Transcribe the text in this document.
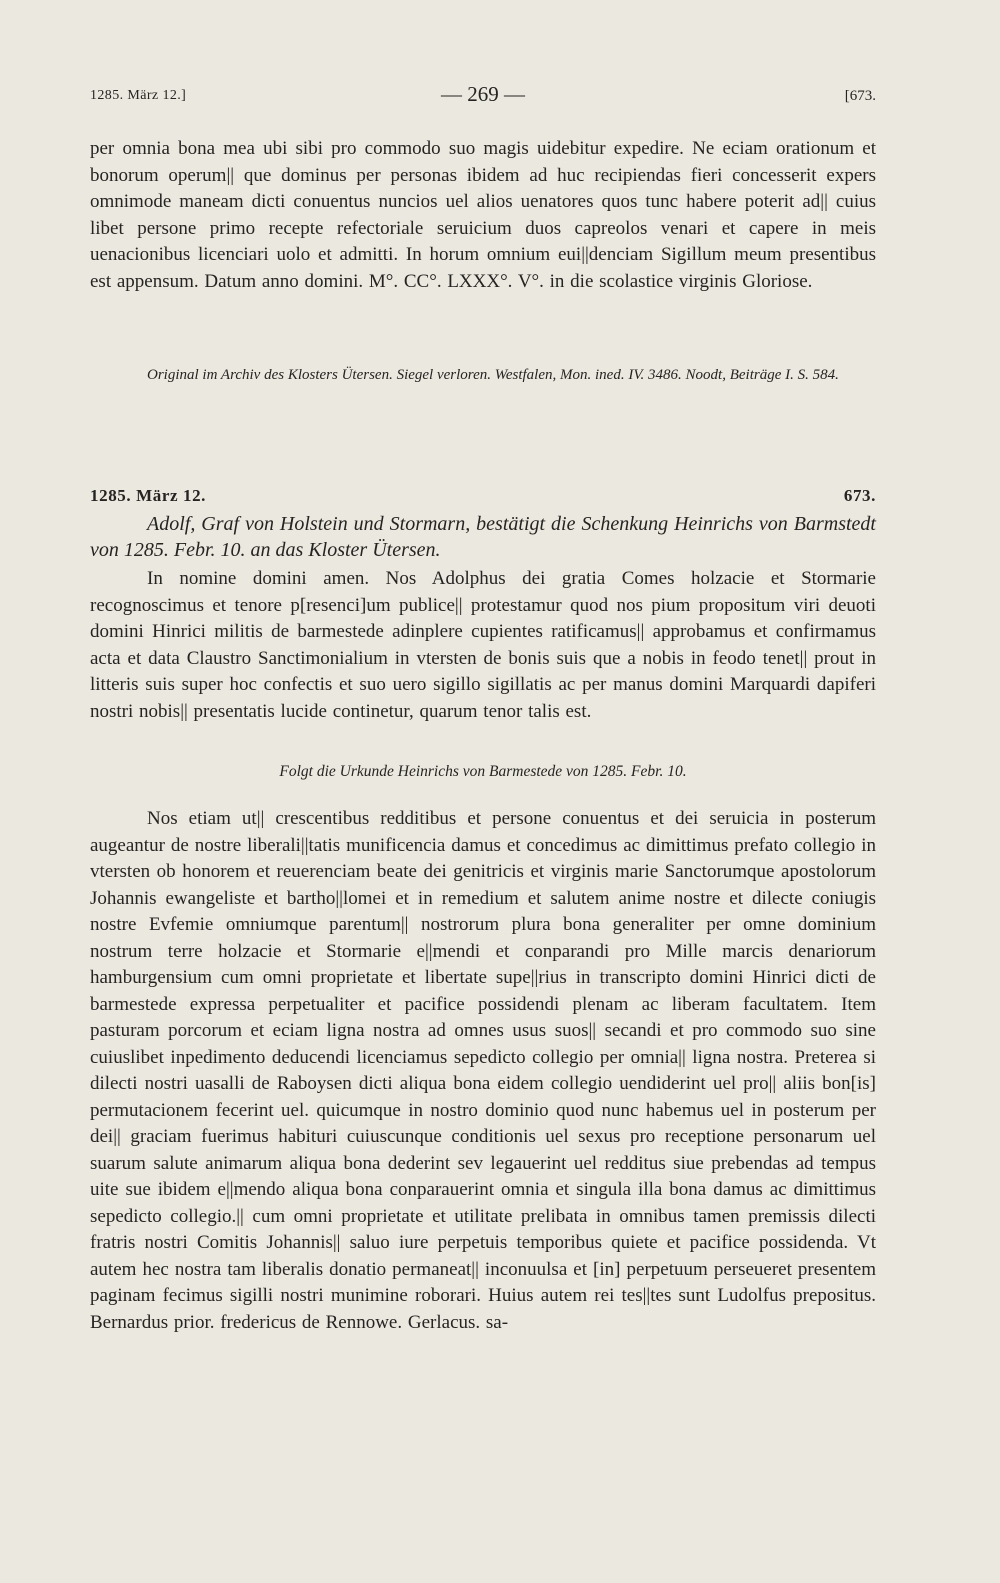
1285. März 12.]	— 269 —	[673.

per omnia bona mea ubi sibi pro commodo suo magis uidebitur expedire. Ne eciam orationum et bonorum operum|| que dominus per personas ibidem ad huc recipiendas fieri concesserit expers omnimode maneam dicti conuentus nuncios uel alios uenatores quos tunc habere poterit ad|| cuius libet persone primo recepte refectoriale seruicium duos capreolos venari et capere in meis uenacionibus licenciari uolo et admitti. In horum omnium eui||denciam Sigillum meum presentibus est appensum. Datum anno domini. M°. CC°. LXXX°. V°. in die scolastice virginis Gloriose.

Original im Archiv des Klosters Ütersen. Siegel verloren. Westfalen, Mon. ined. IV. 3486. Noodt, Beiträge I. S. 584.
1285. März 12.	673.
Adolf, Graf von Holstein und Stormarn, bestätigt die Schenkung Heinrichs von Barmstedt von 1285. Febr. 10. an das Kloster Ütersen.

In nomine domini amen. Nos Adolphus dei gratia Comes holzacie et Stormarie recognoscimus et tenore p[resenci]um publice|| protestamur quod nos pium propositum viri deuoti domini Hinrici militis de barmestede adinplere cupientes ratificamus|| approbamus et confirmamus acta et data Claustro Sanctimonialium in vtersten de bonis suis que a nobis in feodo tenet|| prout in litteris suis super hoc confectis et suo uero sigillo sigillatis ac per manus domini Marquardi dapiferi nostri nobis|| presentatis lucide continetur, quarum tenor talis est.

Folgt die Urkunde Heinrichs von Barmestede von 1285. Febr. 10.

Nos etiam ut|| crescentibus redditibus et persone conuentus et dei seruicia in posterum augeantur de nostre liberali||tatis munificencia damus et concedimus ac dimittimus prefato collegio in vtersten ob honorem et reuerenciam beate dei genitricis et virginis marie Sanctorumque apostolorum Johannis ewangeliste et bartho||lomei et in remedium et salutem anime nostre et dilecte coniugis nostre Evfemie omniumque parentum|| nostrorum plura bona generaliter per omne dominium nostrum terre holzacie et Stormarie e||mendi et conparandi pro Mille marcis denariorum hamburgensium cum omni proprietate et libertate supe||rius in transcripto domini Hinrici dicti de barmestede expressa perpetualiter et pacifice possidendi plenam ac liberam facultatem. Item pasturam porcorum et eciam ligna nostra ad omnes usus suos|| secandi et pro commodo suo sine cuiuslibet inpedimento deducendi licenciamus sepedicto collegio per omnia|| ligna nostra. Preterea si dilecti nostri uasalli de Raboysen dicti aliqua bona eidem collegio uendiderint uel pro|| aliis bon[is] permutacionem fecerint uel. quicumque in nostro dominio quod nunc habemus uel in posterum per dei|| graciam fuerimus habituri cuiuscunque conditionis uel sexus pro receptione personarum uel suarum salute animarum aliqua bona dederint sev legauerint uel redditus siue prebendas ad tempus uite sue ibidem e||mendo aliqua bona conparauerint omnia et singula illa bona damus ac dimittimus sepedicto collegio.|| cum omni proprietate et utilitate prelibata in omnibus tamen premissis dilecti fratris nostri Comitis Johannis|| saluo iure perpetuis temporibus quiete et pacifice possidenda. Vt autem hec nostra tam liberalis donatio permaneat|| inconuulsa et [in] perpetuum perseueret presentem paginam fecimus sigilli nostri munimine roborari. Huius autem rei tes||tes sunt Ludolfus prepositus. Bernardus prior. fredericus de Rennowe. Gerlacus. sa-
